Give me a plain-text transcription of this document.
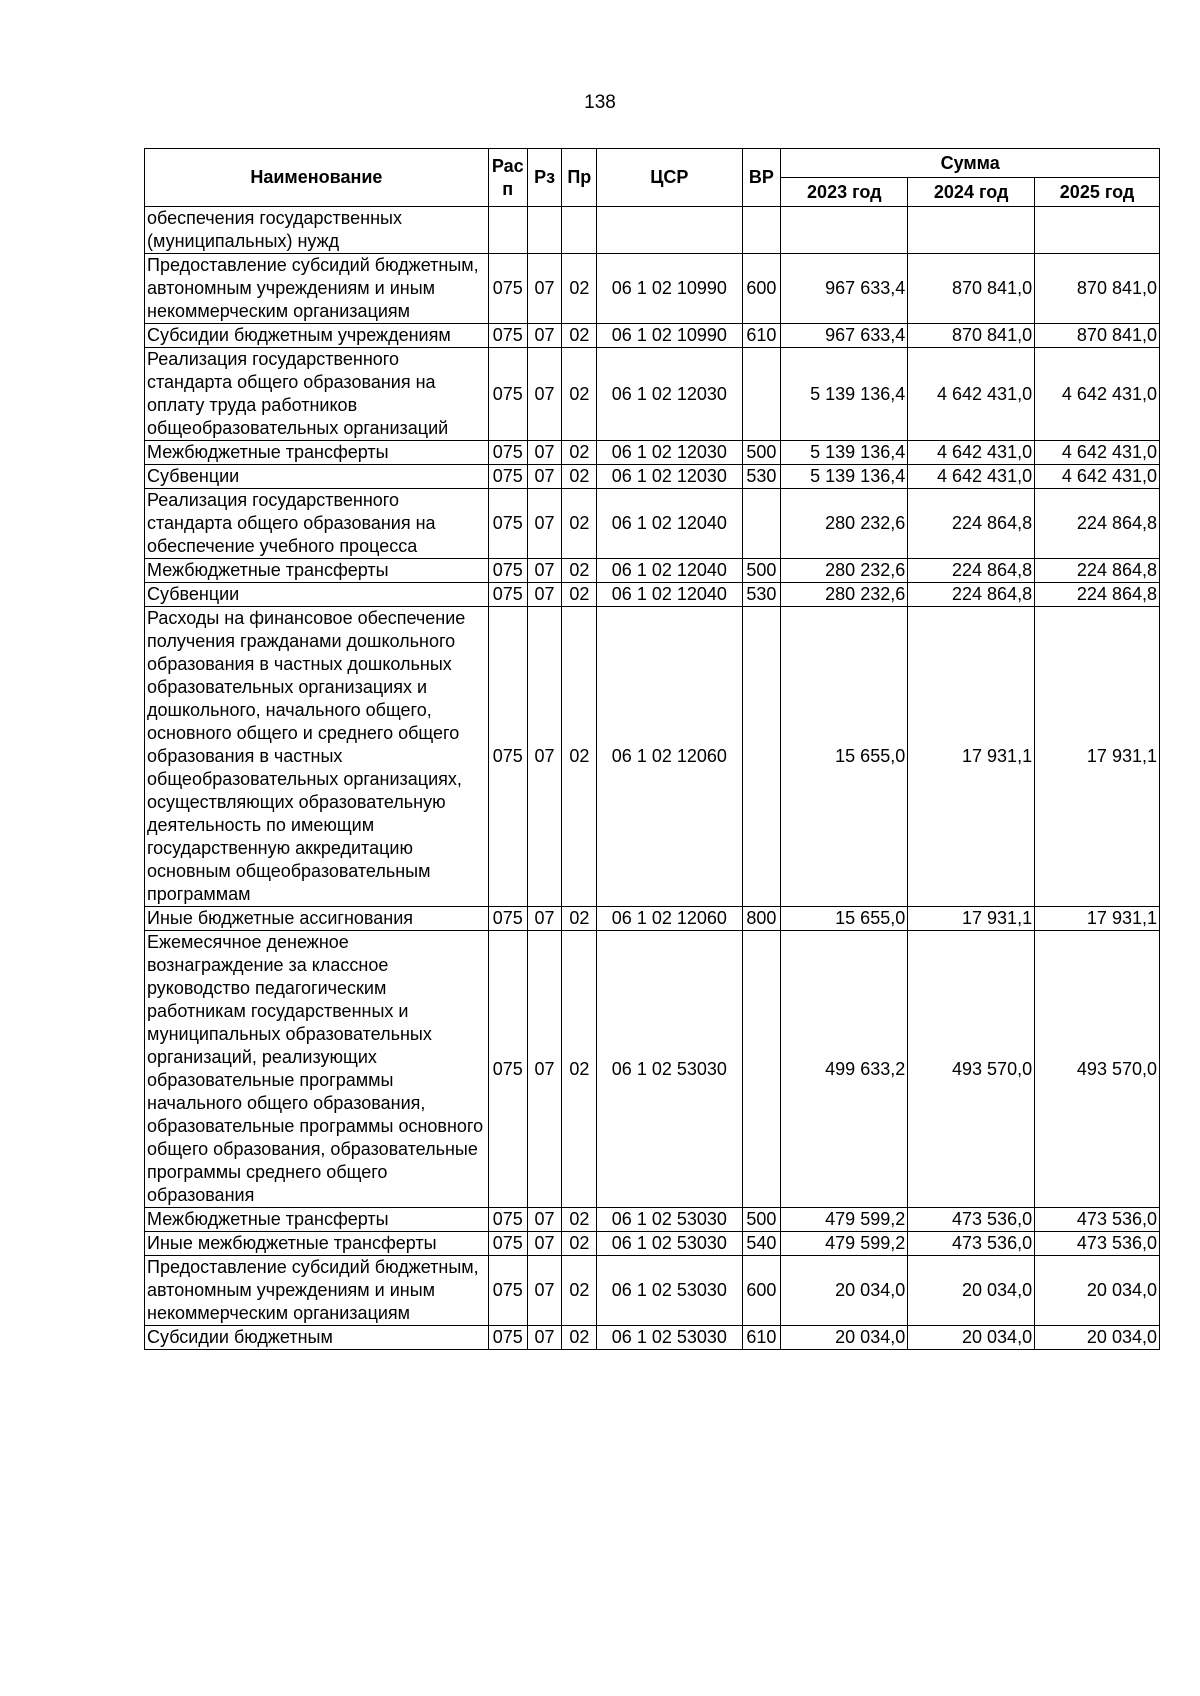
138
Наименование	Рас п	Рз	Пр	ЦСР	ВР	Сумма		
						2023 год	2024 год	2025 год
обеспечения государственных (муниципальных) нужд								
Предоставление субсидий бюджетным, автономным учреждениям и иным некоммерческим организациям	075	07	02	06 1 02 10990	600	967 633,4	870 841,0	870 841,0
Субсидии бюджетным учреждениям	075	07	02	06 1 02 10990	610	967 633,4	870 841,0	870 841,0
Реализация государственного стандарта общего образования на оплату труда работников общеобразовательных организаций	075	07	02	06 1 02 12030		5 139 136,4	4 642 431,0	4 642 431,0
Межбюджетные трансферты	075	07	02	06 1 02 12030	500	5 139 136,4	4 642 431,0	4 642 431,0
Субвенции	075	07	02	06 1 02 12030	530	5 139 136,4	4 642 431,0	4 642 431,0
Реализация государственного стандарта общего образования на обеспечение учебного процесса	075	07	02	06 1 02 12040		280 232,6	224 864,8	224 864,8
Межбюджетные трансферты	075	07	02	06 1 02 12040	500	280 232,6	224 864,8	224 864,8
Субвенции	075	07	02	06 1 02 12040	530	280 232,6	224 864,8	224 864,8
Расходы на финансовое обеспечение получения гражданами дошкольного образования в частных дошкольных образовательных организациях и дошкольного, начального общего, основного общего и среднего общего образования в частных общеобразовательных организациях, осуществляющих образовательную деятельность по имеющим государственную аккредитацию основным общеобразовательным программам	075	07	02	06 1 02 12060		15 655,0	17 931,1	17 931,1
Иные бюджетные ассигнования	075	07	02	06 1 02 12060	800	15 655,0	17 931,1	17 931,1
Ежемесячное денежное вознаграждение за классное руководство педагогическим работникам государственных и муниципальных образовательных организаций, реализующих образовательные программы начального общего образования, образовательные программы основного общего образования, образовательные программы среднего общего образования	075	07	02	06 1 02 53030		499 633,2	493 570,0	493 570,0
Межбюджетные трансферты	075	07	02	06 1 02 53030	500	479 599,2	473 536,0	473 536,0
Иные межбюджетные трансферты	075	07	02	06 1 02 53030	540	479 599,2	473 536,0	473 536,0
Предоставление субсидий бюджетным, автономным учреждениям и иным некоммерческим организациям	075	07	02	06 1 02 53030	600	20 034,0	20 034,0	20 034,0
Субсидии бюджетным	075	07	02	06 1 02 53030	610	20 034,0	20 034,0	20 034,0
